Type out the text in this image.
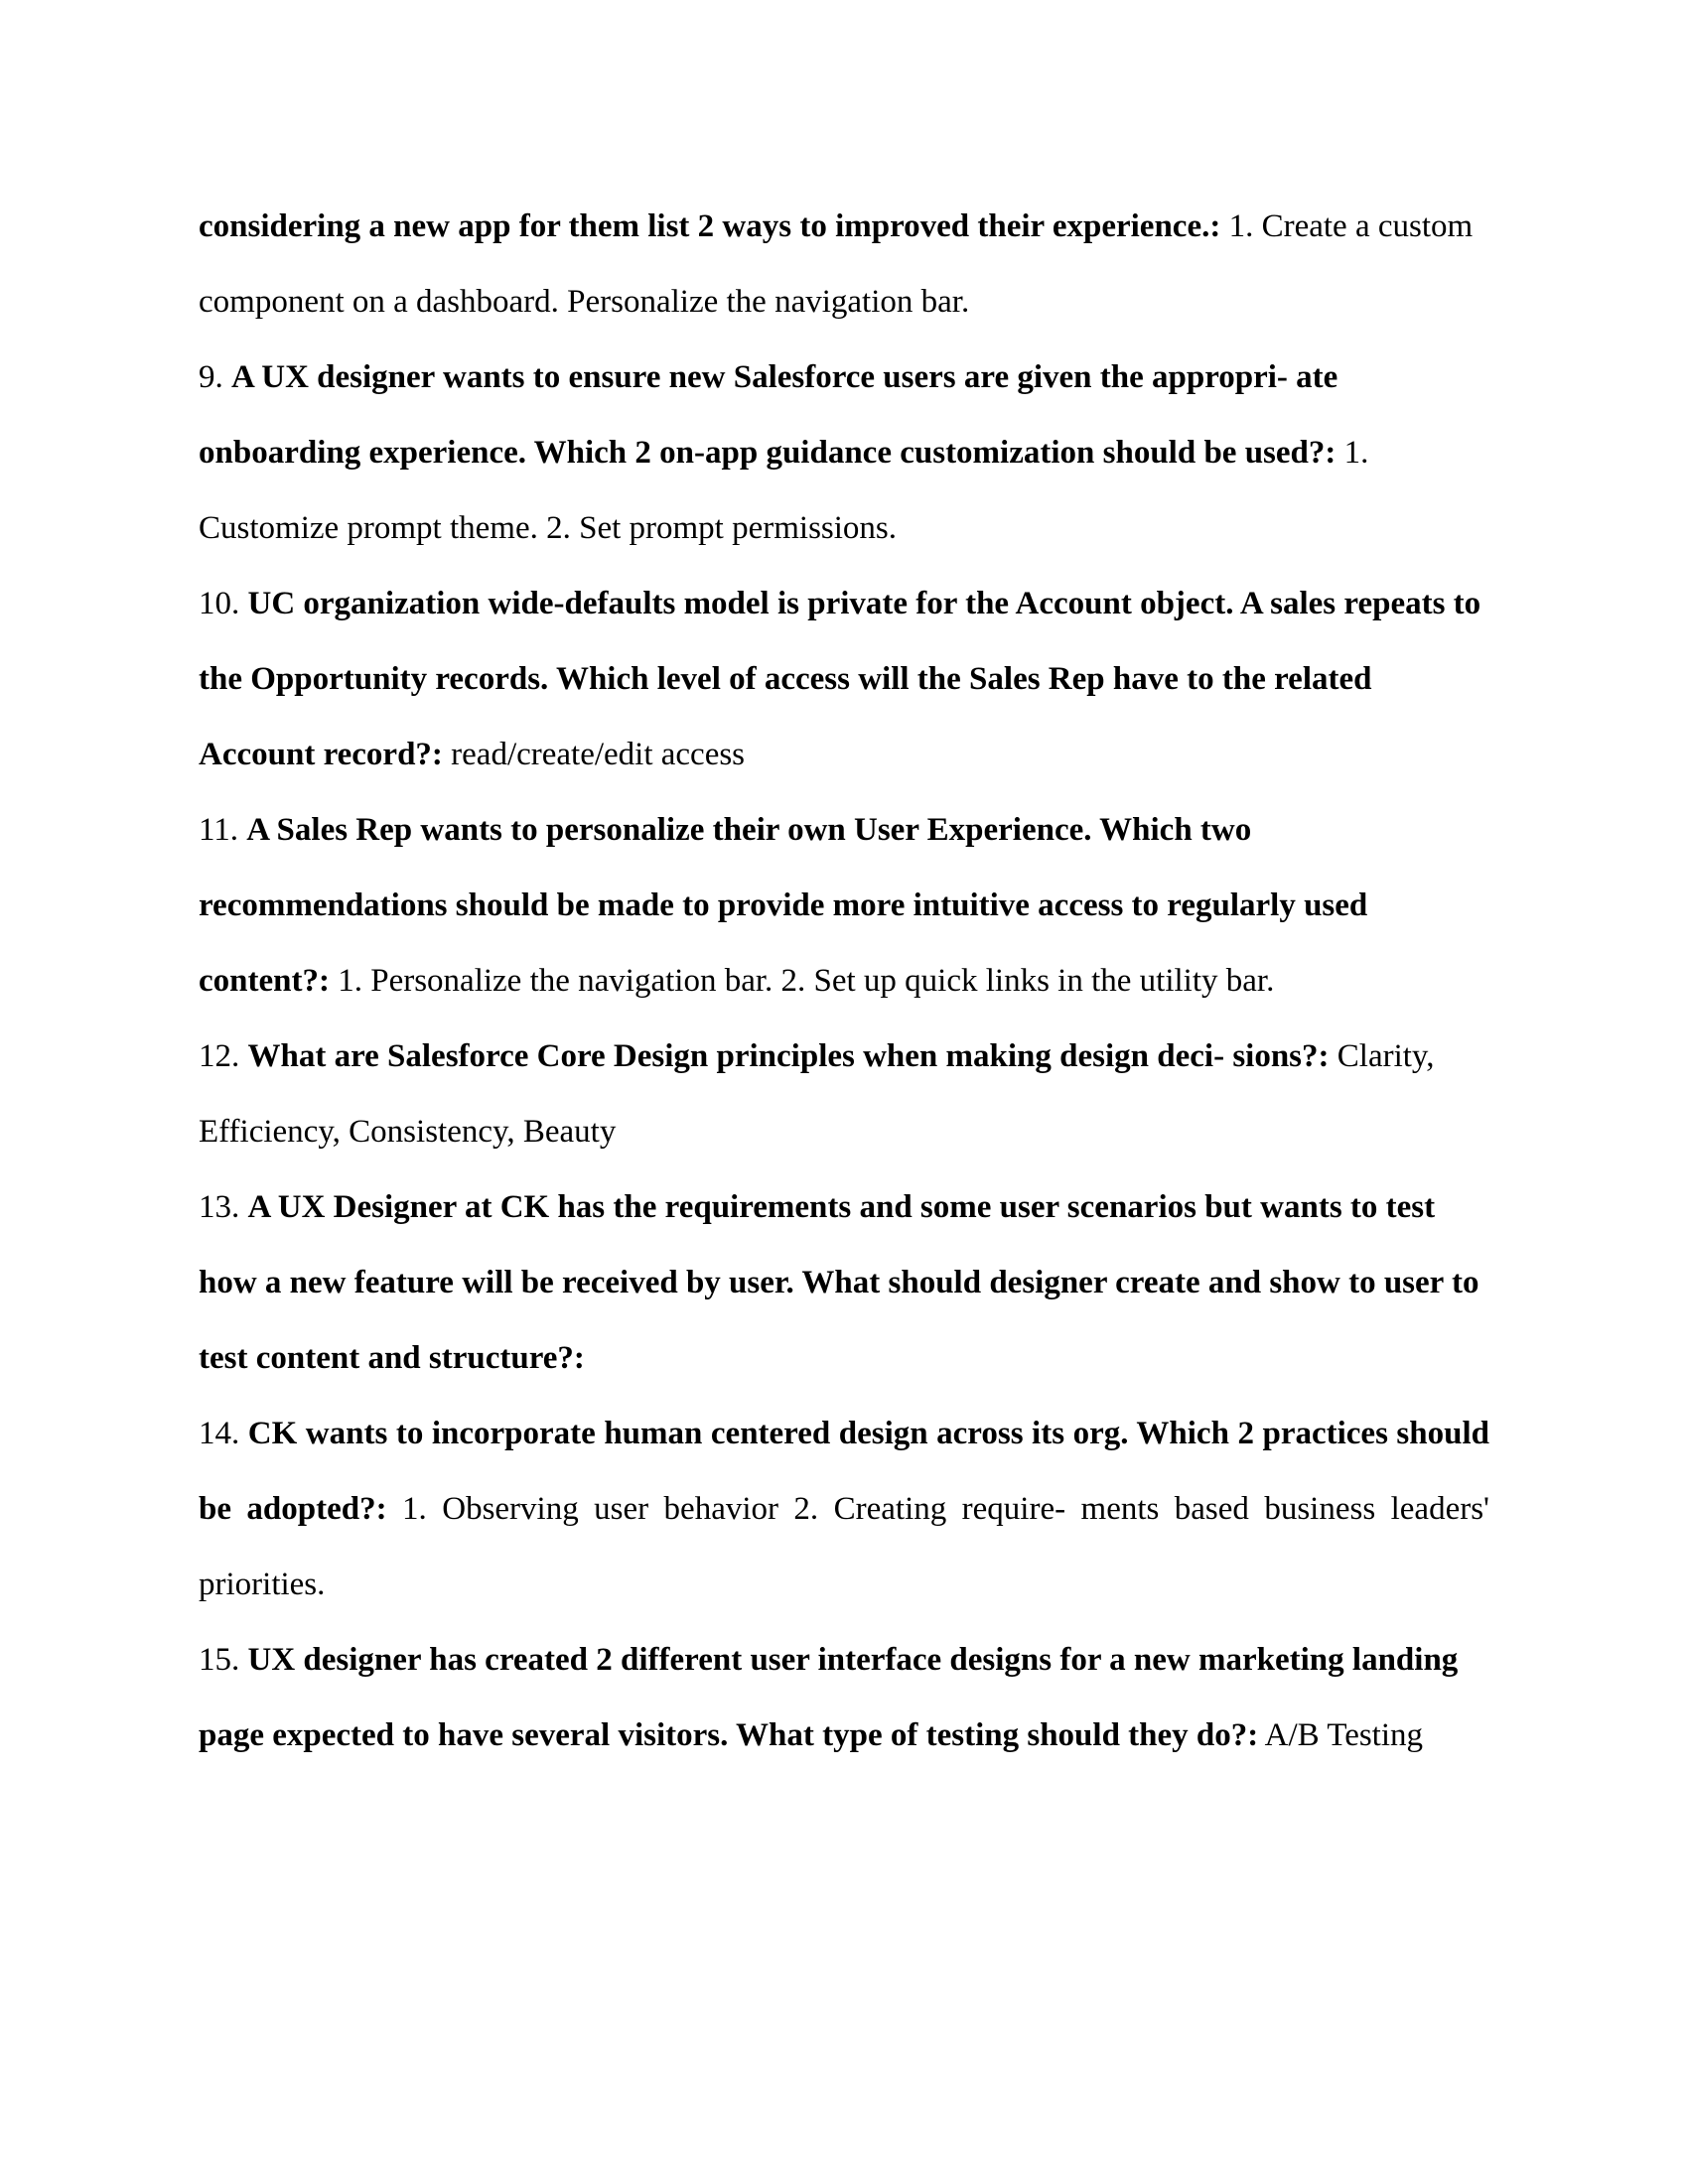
considering a new app for them list 2 ways to improved their experience.: 1. Create a custom component on a dashboard. Personalize the navigation bar.

9. A UX designer wants to ensure new Salesforce users are given the appropri- ate onboarding experience. Which 2 on-app guidance customization should be used?: 1. Customize prompt theme. 2. Set prompt permissions.

10. UC organization wide-defaults model is private for the Account object. A sales repeats to the Opportunity records. Which level of access will the Sales Rep have to the related Account record?: read/create/edit access

11. A Sales Rep wants to personalize their own User Experience. Which two recommendations should be made to provide more intuitive access to regularly used content?: 1. Personalize the navigation bar. 2. Set up quick links in the utility bar.

12. What are Salesforce Core Design principles when making design deci- sions?: Clarity, Efficiency, Consistency, Beauty

13. A UX Designer at CK has the requirements and some user scenarios but wants to test how a new feature will be received by user. What should designer create and show to user to test content and structure?:

14. CK wants to incorporate human centered design across its org. Which 2 practices should be adopted?: 1. Observing user behavior 2. Creating require- ments based business leaders' priorities.

15. UX designer has created 2 different user interface designs for a new marketing landing page expected to have several visitors. What type of testing should they do?: A/B Testing
